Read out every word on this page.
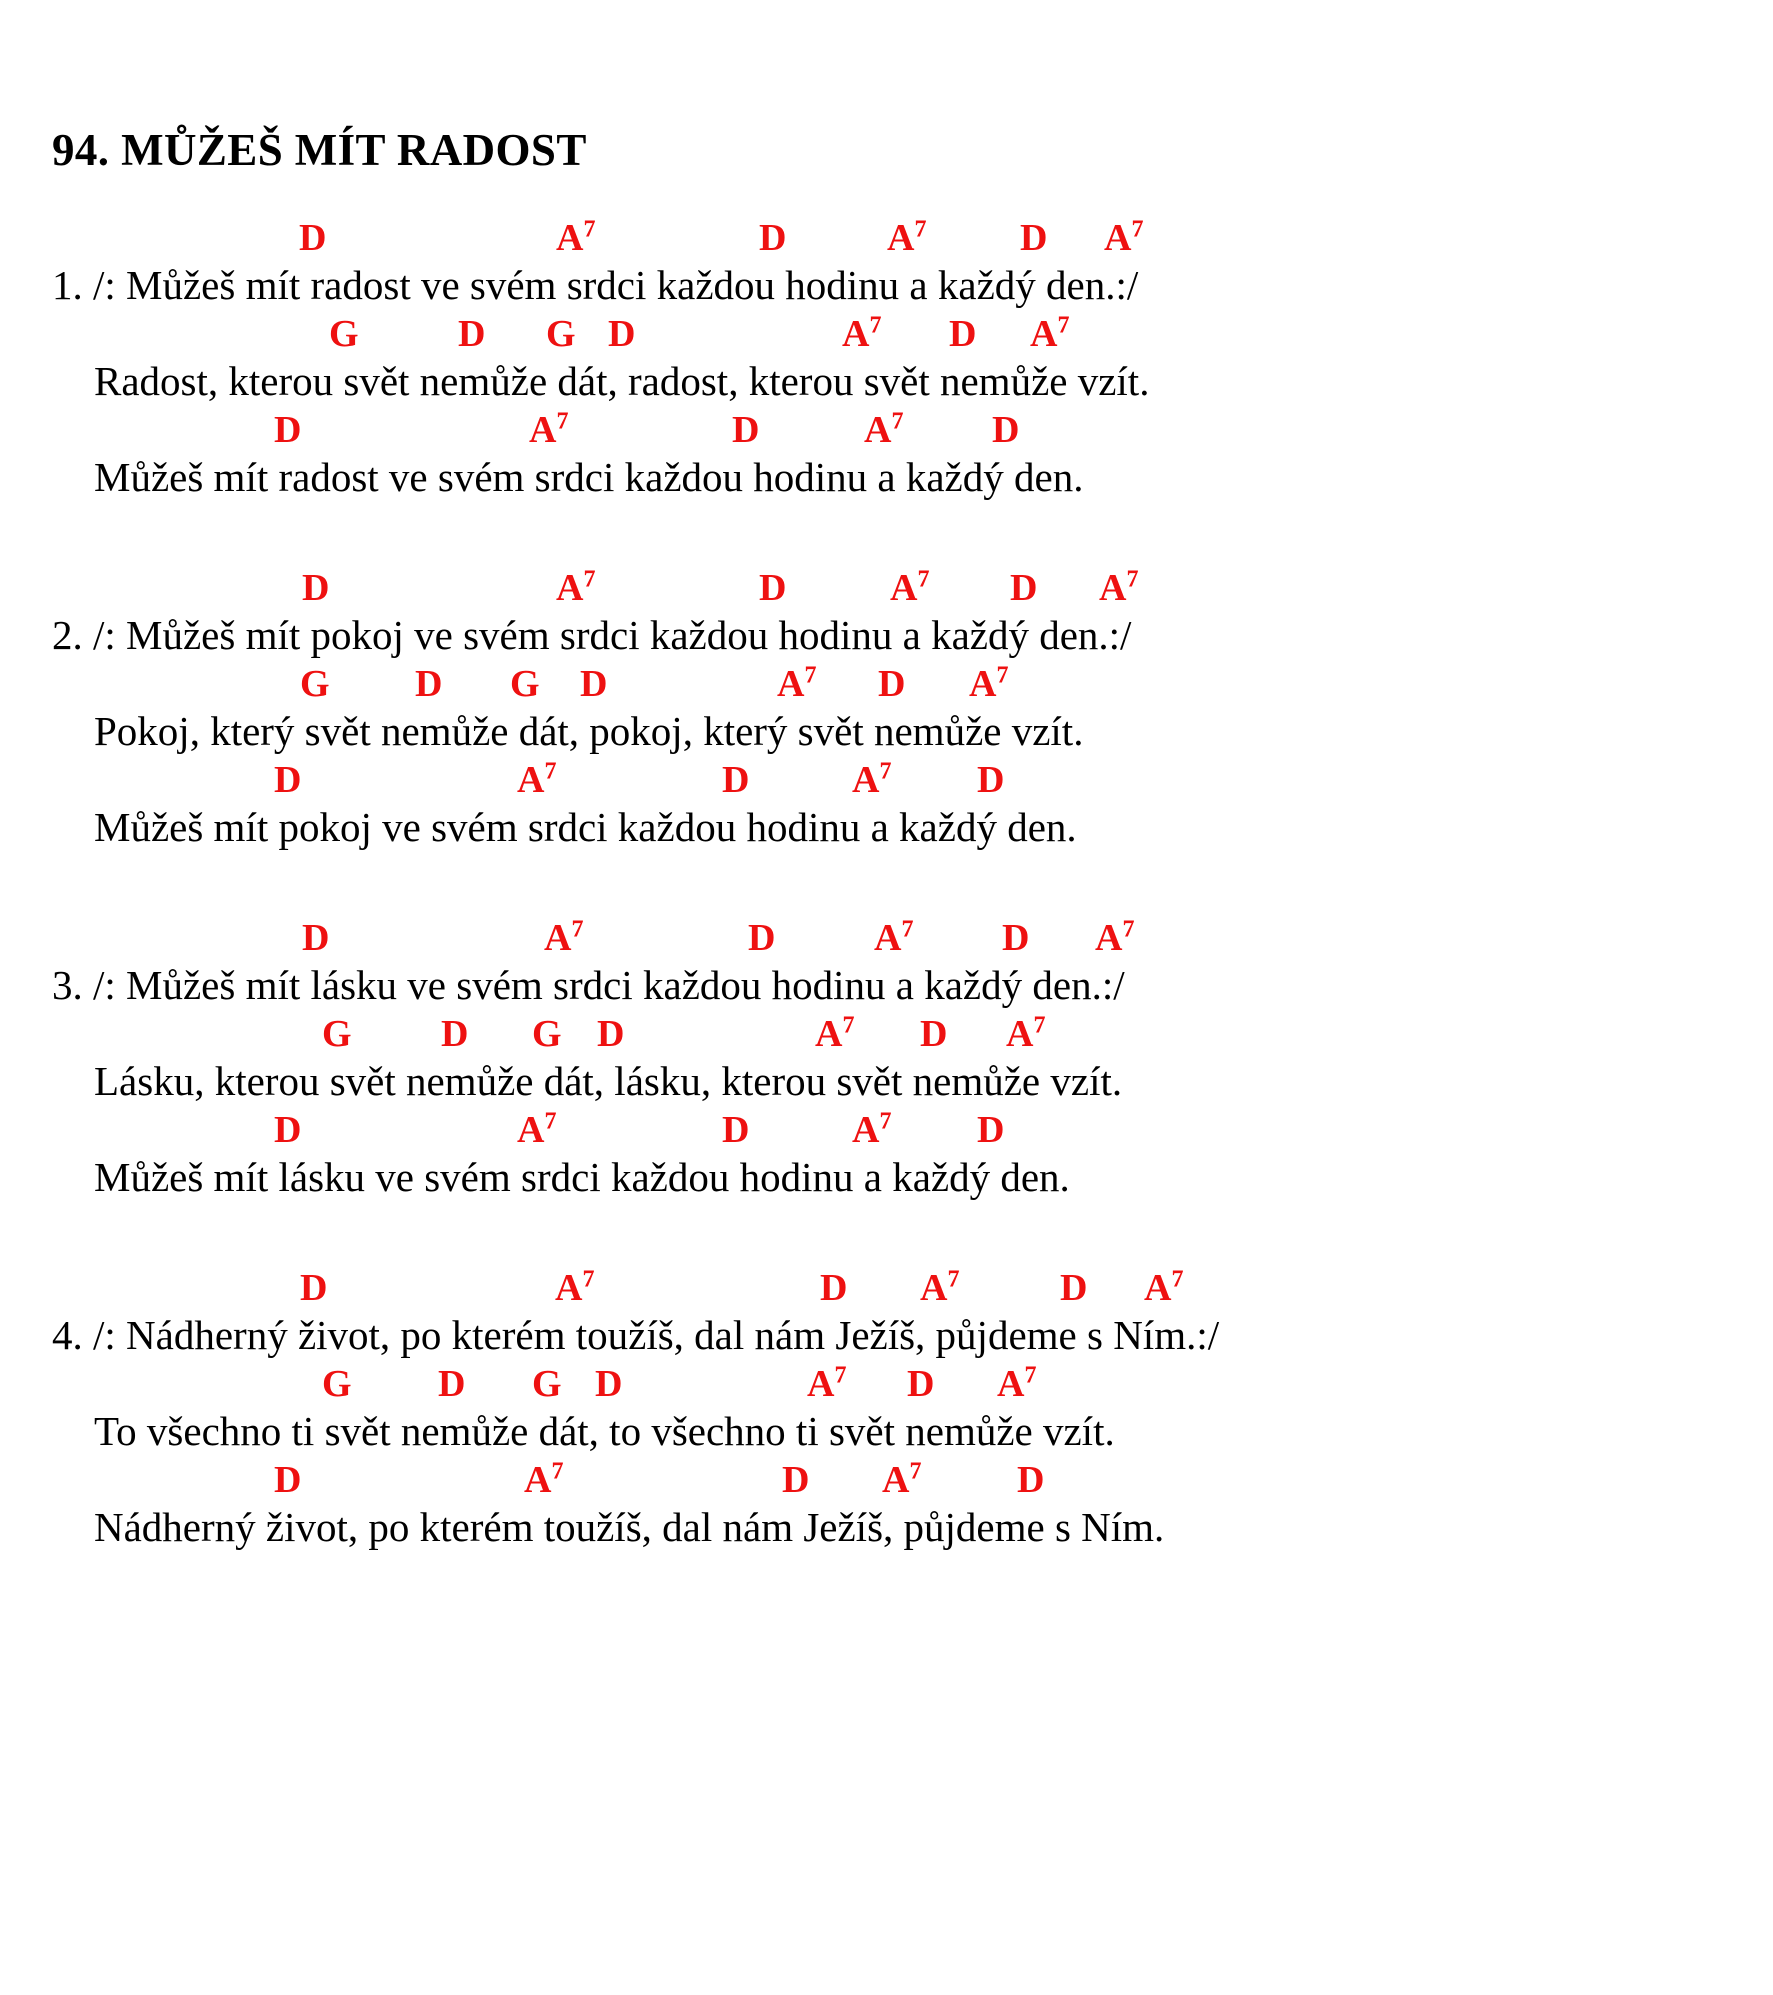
94. MŮŽEŠ MÍT RADOST
D	$A^7$	D	$A^7$ D $A^7$
1. /: Můžeš mít radost ve svém srdci každou hodinu a každý den.:/
G	D G D	$A^7$ D $A^7$
Radost, kterou svět nemůže dát, radost, kterou svět nemůže vzít.
D	$A^7$	D	$A^7$ D
Můžeš mít radost ve svém srdci každou hodinu a každý den.
D	$A^7$	D	$A^7$ D $A^7$
2. /: Můžeš mít pokoj ve svém srdci každou hodinu a každý den.:/
G D G D	$A^7$ D $A^7$
Pokoj, který svět nemůže dát, pokoj, který svět nemůže vzít.
D	$A^7$	D	$A^7$ D
Můžeš mít pokoj ve svém srdci každou hodinu a každý den.
D	$A^7$	D	$A^7$ D $A^7$
3. /: Můžeš mít lásku ve svém srdci každou hodinu a každý den.:/
G D G D	$A^7$ D $A^7$
Lásku, kterou svět nemůže dát, lásku, kterou svět nemůže vzít.
D	$A^7$	D	$A^7$ D
Můžeš mít lásku ve svém srdci každou hodinu a každý den.
D	$A^7$	D $A^7$	D $A^7$
4. /: Nádherný život, po kterém toužíš, dal nám Ježíš, půjdeme s Ním.:/
G D G D	$A^7$ D $A^7$
To všechno ti svět nemůže dát, to všechno ti svět nemůže vzít.
D	$A^7$	D $A^7$	D
Nádherný život, po kterém toužíš, dal nám Ježíš, půjdeme s Ním.
